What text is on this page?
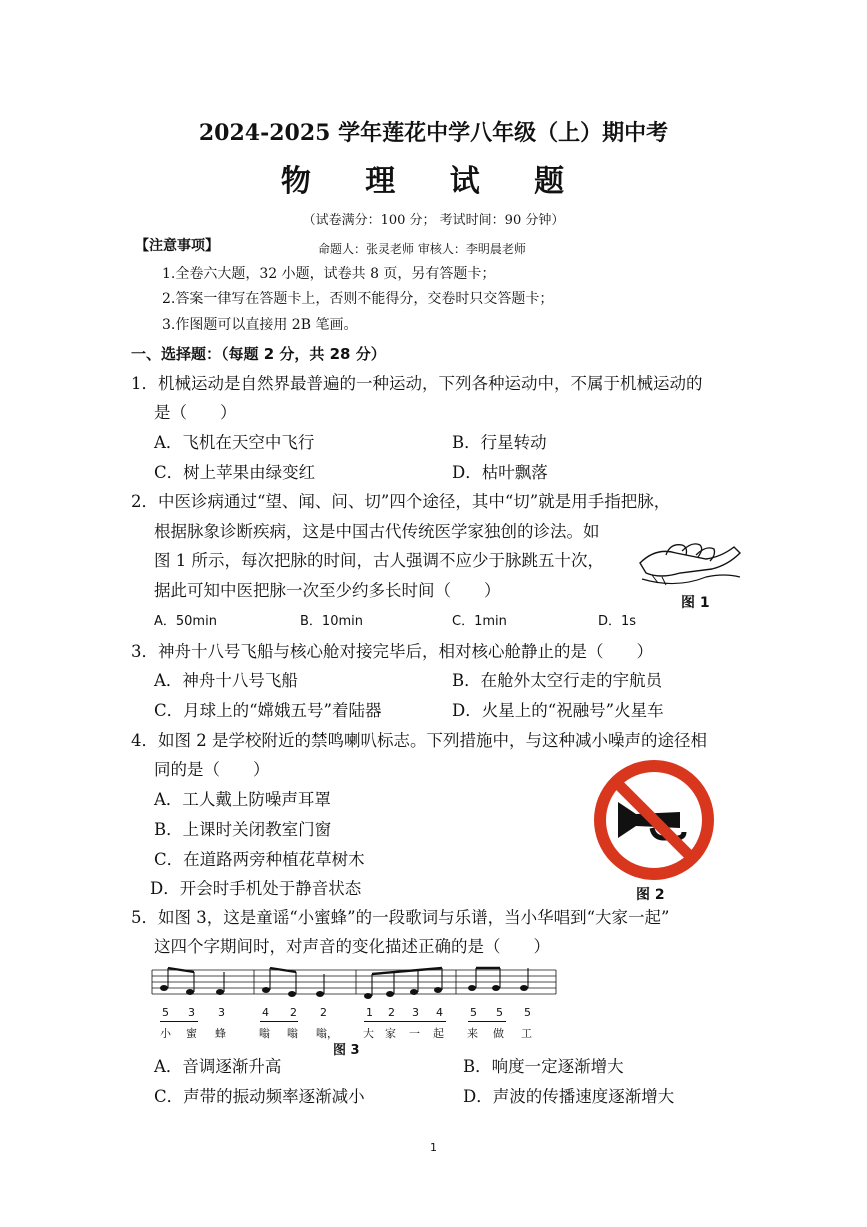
2024-2025 学年莲花中学八年级（上）期中考
物 理 试 题
（试卷满分：100 分； 考试时间：90 分钟）
【注意事项】	命题人：张灵老师 审核人：李明晨老师
1.全卷六大题，32 小题，试卷共 8 页，另有答题卡；
2.答案一律写在答题卡上，否则不能得分，交卷时只交答题卡；
3.作图题可以直接用 2B 笔画。
一、选择题：（每题 2 分，共 28 分）
1．机械运动是自然界最普遍的一种运动，下列各种运动中，不属于机械运动的
是（　　）
A．飞机在天空中飞行	B．行星转动
C．树上苹果由绿变红	D．枯叶飘落
2．中医诊病通过“望、闻、问、切”四个途径，其中“切”就是用手指把脉，
根据脉象诊断疾病，这是中国古代传统医学家独创的诊法。如
图 1 所示，每次把脉的时间，古人强调不应少于脉跳五十次，
据此可知中医把脉一次至少约多长时间（　　）
A．50min	B．10min	C．1min	D．1s
图 1
3．神舟十八号飞船与核心舱对接完毕后，相对核心舱静止的是（　　）
A．神舟十八号飞船	B．在舱外太空行走的宇航员
C．月球上的“嫦娥五号”着陆器	D．火星上的“祝融号”火星车
4．如图 2 是学校附近的禁鸣喇叭标志。下列措施中，与这种减小噪声的途径相
同的是（　　）
A．工人戴上防噪声耳罩
B．上课时关闭教室门窗
C．在道路两旁种植花草树木
D．开会时手机处于静音状态	图 2
5．如图 3，这是童谣“小蜜蜂”的一段歌词与乐谱，当小华唱到“大家一起”
这四个字期间时，对声音的变化描述正确的是（　　）
5 3 3	4 2 2	1 2 3 4 5 5 5
小 蜜 蜂	嗡 嗡 嗡， 大 家 一 起 来 做 工
图 3
A．音调逐渐升高	B．响度一定逐渐增大
C．声带的振动频率逐渐减小	D．声波的传播速度逐渐增大
1
